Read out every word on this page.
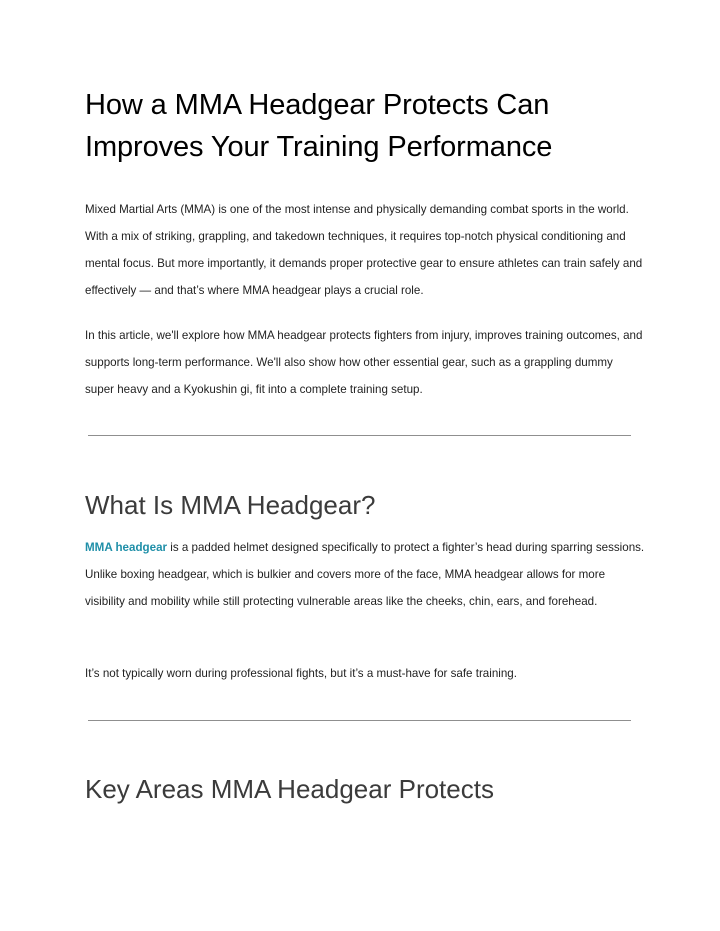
How a MMA Headgear Protects Can Improves Your Training Performance

Mixed Martial Arts (MMA) is one of the most intense and physically demanding combat sports in the world. With a mix of striking, grappling, and takedown techniques, it requires top-notch physical conditioning and mental focus. But more importantly, it demands proper protective gear to ensure athletes can train safely and effectively — and that’s where MMA headgear plays a crucial role.

In this article, we'll explore how MMA headgear protects fighters from injury, improves training outcomes, and supports long-term performance. We'll also show how other essential gear, such as a grappling dummy super heavy and a Kyokushin gi, fit into a complete training setup.

What Is MMA Headgear?

MMA headgear is a padded helmet designed specifically to protect a fighter’s head during sparring sessions. Unlike boxing headgear, which is bulkier and covers more of the face, MMA headgear allows for more visibility and mobility while still protecting vulnerable areas like the cheeks, chin, ears, and forehead.

It’s not typically worn during professional fights, but it’s a must-have for safe training.

Key Areas MMA Headgear Protects
